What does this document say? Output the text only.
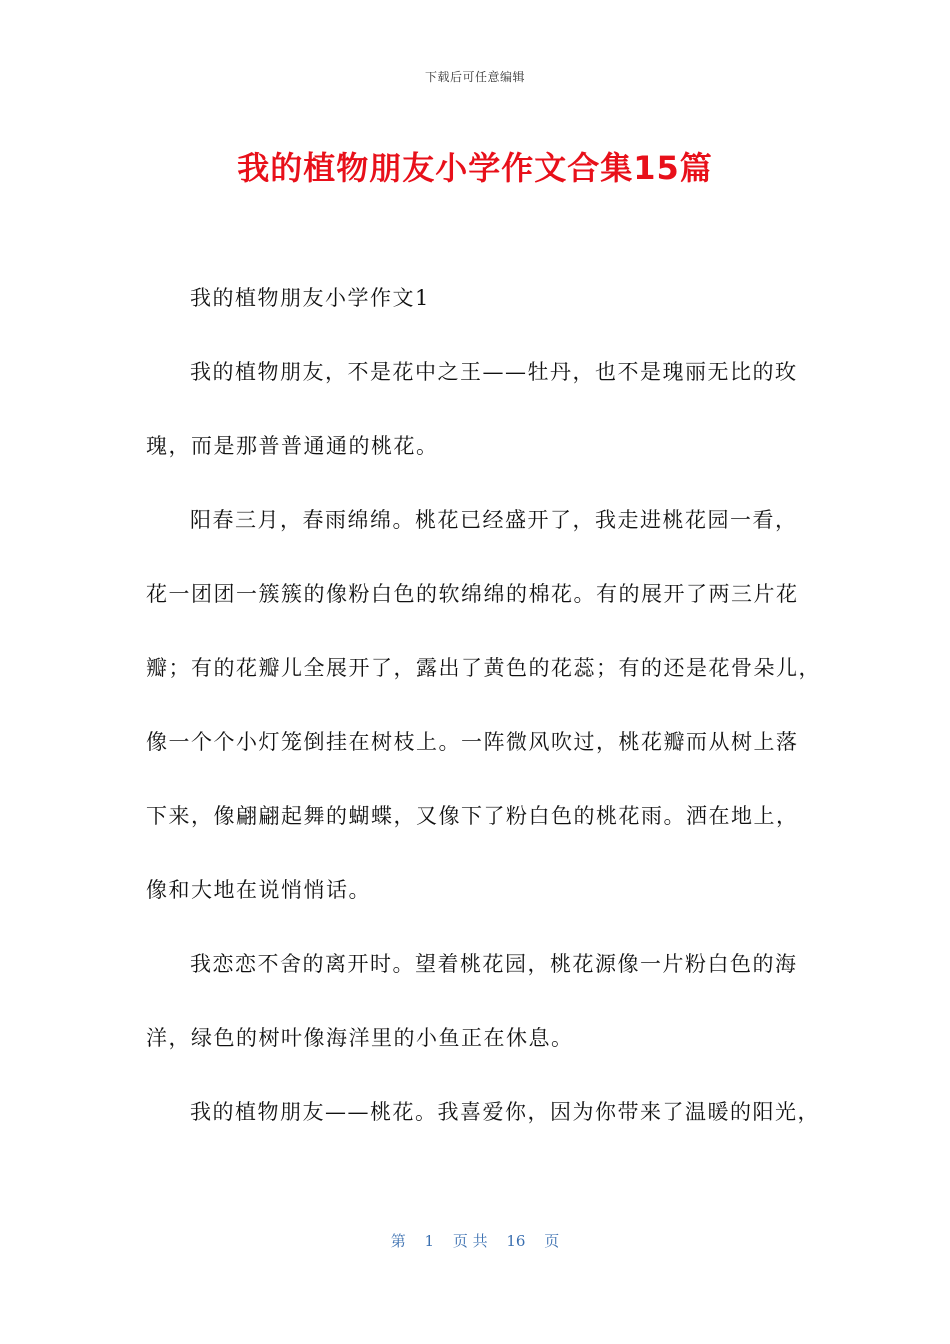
下载后可任意编辑
我的植物朋友小学作文合集15篇
我的植物朋友小学作文1
我的植物朋友，不是花中之王——牡丹，也不是瑰丽无比的玫
瑰，而是那普普通通的桃花。
阳春三月，春雨绵绵。桃花已经盛开了，我走进桃花园一看，
花一团团一簇簇的像粉白色的软绵绵的棉花。有的展开了两三片花
瓣；有的花瓣儿全展开了，露出了黄色的花蕊；有的还是花骨朵儿，
像一个个小灯笼倒挂在树枝上。一阵微风吹过，桃花瓣而从树上落
下来，像翩翩起舞的蝴蝶，又像下了粉白色的桃花雨。洒在地上，
像和大地在说悄悄话。
我恋恋不舍的离开时。望着桃花园，桃花源像一片粉白色的海
洋，绿色的树叶像海洋里的小鱼正在休息。
我的植物朋友——桃花。我喜爱你，因为你带来了温暖的阳光，
第 1 页 共 16 页
